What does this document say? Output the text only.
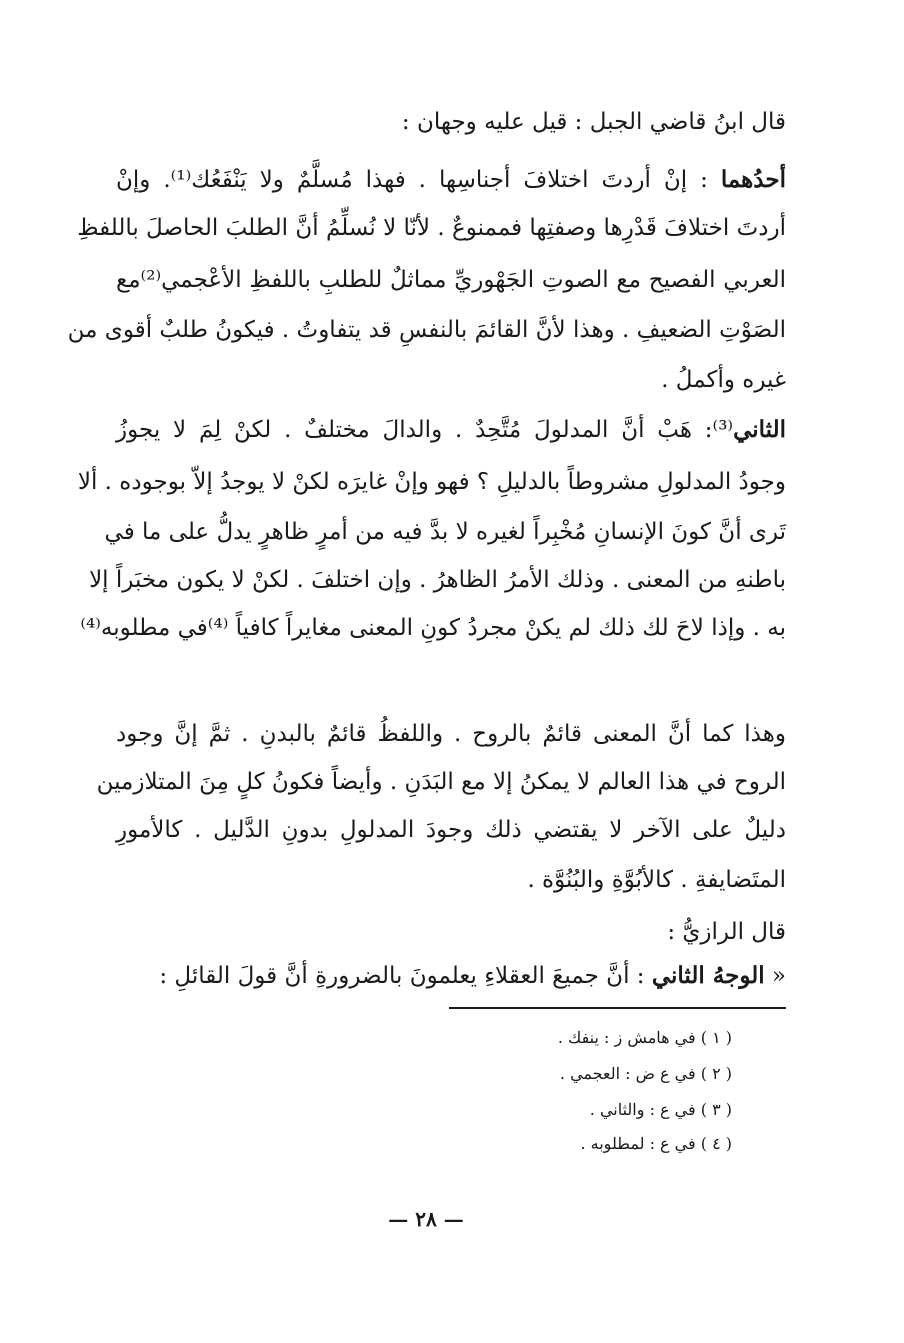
قال ابنُ قاضي الجبل : قيل عليه وجهان :
أحدُهما : إنْ أردتَ اختلافَ أجناسِها . فهذا مُسلَّمٌ ولا يَنْفَعُك⁽¹⁾. وإنْ
أردتَ اختلافَ قَدْرِها وصفتِها فممنوعٌ . لأنّا لا نُسلِّمُ أنَّ الطلبَ الحاصلَ باللفظِ
العربي الفصيح مع الصوتِ الجَهْوريِّ مماثلٌ للطلبِ باللفظِ الأعْجمي⁽²⁾مع
الصَوْتِ الضعيفِ . وهذا لأنَّ القائمَ بالنفسِ قد يتفاوتُ . فيكونُ طلبٌ أقوى من
غيره وأكملُ .
الثاني⁽³⁾: هَبْ أنَّ المدلولَ مُتَّحِدٌ . والدالَ مختلفٌ . لكنْ لِمَ لا يجوزُ
وجودُ المدلولِ مشروطاً بالدليلِ ؟ فهو وإنْ غايرَه لكنْ لا يوجدُ إلاّ بوجوده . ألا
تَرى أنَّ كونَ الإنسانِ مُخْبِراً لغيره لا بدَّ فيه من أمرٍ ظاهرٍ يدلُّ على ما في
باطنهِ من المعنى . وذلك الأمرُ الظاهرُ . وإن اختلفَ . لكنْ لا يكون مخبَراً إلا
به . وإذا لاحَ لك ذلك لم يكنْ مجردُ كونِ المعنى مغايراً كافياً ⁽⁴⁾في مطلوبه⁽⁴⁾
وهذا كما أنَّ المعنى قائمٌ بالروح . واللفظُ قائمٌ بالبدنِ . ثمَّ إنَّ وجود
الروح في هذا العالم لا يمكنُ إلا مع البَدَنِ . وأيضاً فكونُ كلٍ مِنَ المتلازمين
دليلٌ على الآخر لا يقتضي ذلك وجودَ المدلولِ بدونِ الدَّليل . كالأمورِ
المتَضايفةِ . كالأبُوَّةِ والبُنُوَّة .
قال الرازيُّ :
« الوجهُ الثاني : أنَّ جميعَ العقلاءِ يعلمونَ بالضرورةِ أنَّ قولَ القائلِ :
( ١ ) في هامش ز : ينفك .
( ٢ ) في ع ض : العجمي .
( ٣ ) في ع : والثاني .
( ٤ ) في ع : لمطلوبه .
— ٢٨ —
